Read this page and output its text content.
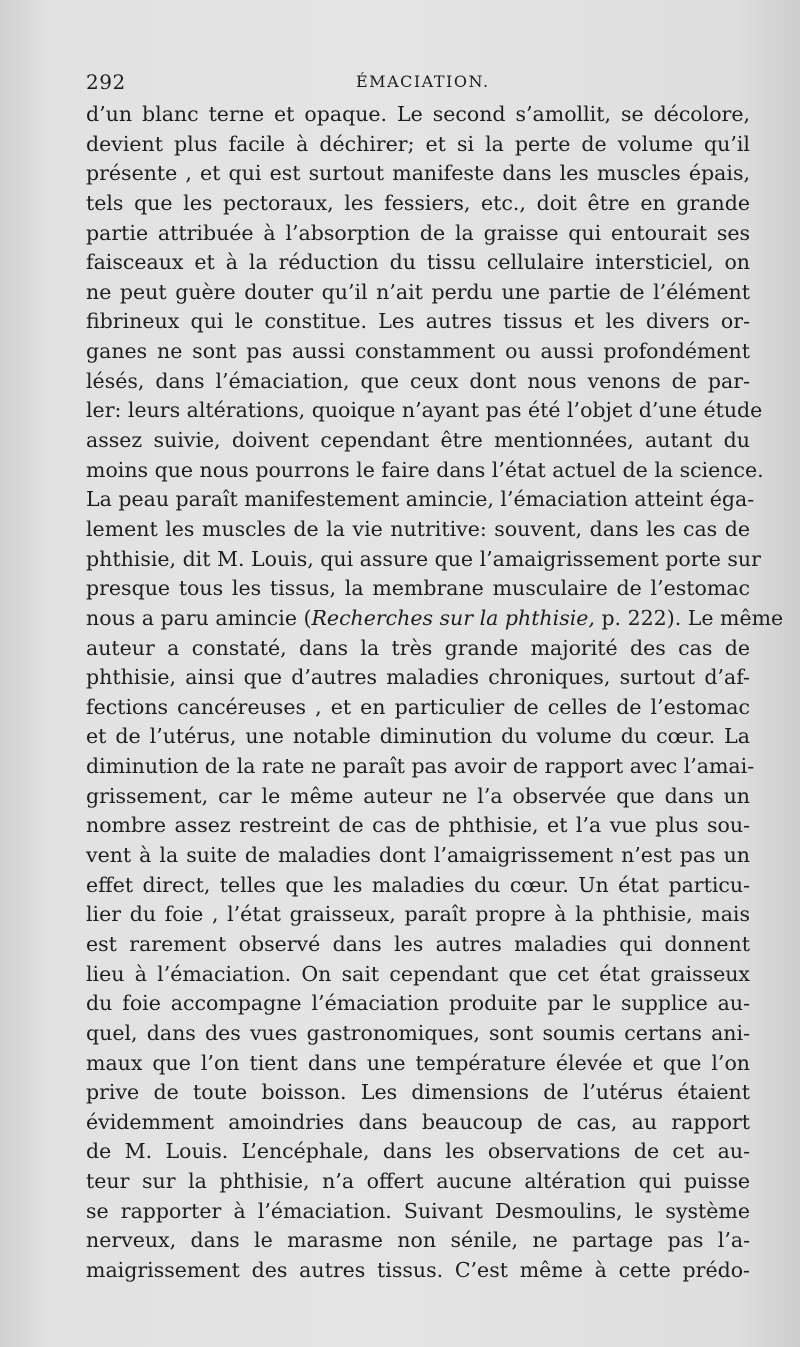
292	ÉMACIATION.
d’un blanc terne et opaque. Le second s’amollit, se décolore,
devient plus facile à déchirer; et si la perte de volume qu’il
présente , et qui est surtout manifeste dans les muscles épais,
tels que les pectoraux, les fessiers, etc., doit être en grande
partie attribuée à l’absorption de la graisse qui entourait ses
faisceaux et à la réduction du tissu cellulaire intersticiel, on
ne peut guère douter qu’il n’ait perdu une partie de l’élément
fibrineux qui le constitue. Les autres tissus et les divers or-
ganes ne sont pas aussi constamment ou aussi profondément
lésés, dans l’émaciation, que ceux dont nous venons de par-
ler: leurs altérations, quoique n’ayant pas été l’objet d’une étude
assez suivie, doivent cependant être mentionnées, autant du
moins que nous pourrons le faire dans l’état actuel de la science.
La peau paraît manifestement amincie, l’émaciation atteint éga-
lement les muscles de la vie nutritive: souvent, dans les cas de
phthisie, dit M. Louis, qui assure que l’amaigrissement porte sur
presque tous les tissus, la membrane musculaire de l’estomac
nous a paru amincie (Recherches sur la phthisie, p. 222). Le même
auteur a constaté, dans la très grande majorité des cas de
phthisie, ainsi que d’autres maladies chroniques, surtout d’af-
fections cancéreuses , et en particulier de celles de l’estomac
et de l’utérus, une notable diminution du volume du cœur. La
diminution de la rate ne paraît pas avoir de rapport avec l’amai-
grissement, car le même auteur ne l’a observée que dans un
nombre assez restreint de cas de phthisie, et l’a vue plus sou-
vent à la suite de maladies dont l’amaigrissement n’est pas un
effet direct, telles que les maladies du cœur. Un état particu-
lier du foie , l’état graisseux, paraît propre à la phthisie, mais
est rarement observé dans les autres maladies qui donnent
lieu à l’émaciation. On sait cependant que cet état graisseux
du foie accompagne l’émaciation produite par le supplice au-
quel, dans des vues gastronomiques, sont soumis certans ani-
maux que l’on tient dans une température élevée et que l’on
prive de toute boisson. Les dimensions de l’utérus étaient
évidemment amoindries dans beaucoup de cas, au rapport
de M. Louis. L’encéphale, dans les observations de cet au-
teur sur la phthisie, n’a offert aucune altération qui puisse
se rapporter à l’émaciation. Suivant Desmoulins, le système
nerveux, dans le marasme non sénile, ne partage pas l’a-
maigrissement des autres tissus. C’est même à cette prédo-
